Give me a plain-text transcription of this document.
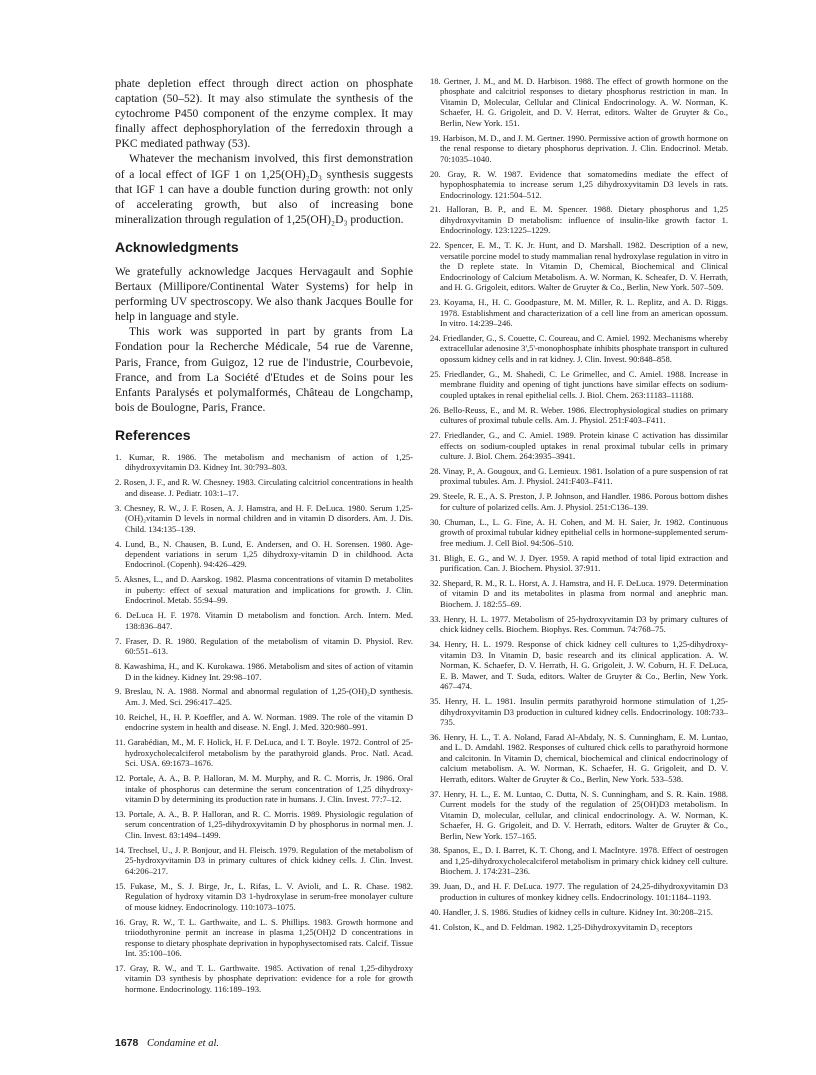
phate depletion effect through direct action on phosphate captation (50–52). It may also stimulate the synthesis of the cytochrome P450 component of the enzyme complex. It may finally affect dephosphorylation of the ferredoxin through a PKC mediated pathway (53).

Whatever the mechanism involved, this first demonstration of a local effect of IGF 1 on 1,25(OH)₂D₃ synthesis suggests that IGF 1 can have a double function during growth: not only of accelerating growth, but also of increasing bone mineralization through regulation of 1,25(OH)₂D₃ production.

Acknowledgments

We gratefully acknowledge Jacques Hervagault and Sophie Bertaux (Millipore/Continental Water Systems) for help in performing UV spectroscopy. We also thank Jacques Boulle for help in language and style.

This work was supported in part by grants from La Fondation pour la Recherche Médicale, 54 rue de Varenne, Paris, France, from Guigoz, 12 rue de l'industrie, Courbevoie, France, and from La Société d'Etudes et de Soins pour les Enfants Paralysés et polymalformés, Château de Longchamp, bois de Boulogne, Paris, France.

References
1. Kumar, R. 1986. The metabolism and mechanism of action of 1,25-dihydroxyvitamin D3. Kidney Int. 30:793–803.
2. Rosen, J. F., and R. W. Chesney. 1983. Circulating calcitriol concentrations in health and disease. J. Pediatr. 103:1–17.
3. Chesney, R. W., J. F. Rosen, A. J. Hamstra, and H. F. DeLuca. 1980. Serum 1,25-(OH)₂vitamin D levels in normal children and in vitamin D disorders. Am. J. Dis. Child. 134:135–139.
4. Lund, B., N. Chausen, B. Lund, E. Andersen, and O. H. Sorensen. 1980. Age-dependent variations in serum 1,25 dihydroxy-vitamin D in childhood. Acta Endocrinol. (Copenh). 94:426–429.
5. Aksnes, L., and D. Aarskog. 1982. Plasma concentrations of vitamin D metabolites in puberty: effect of sexual maturation and implications for growth. J. Clin. Endocrinol. Metab. 55:94–99.
6. DeLuca H. F. 1978. Vitamin D metabolism and fonction. Arch. Intern. Med. 138:836–847.
7. Fraser, D. R. 1980. Regulation of the metabolism of vitamin D. Physiol. Rev. 60:551–613.
8. Kawashima, H., and K. Kurokawa. 1986. Metabolism and sites of action of vitamin D in the kidney. Kidney Int. 29:98–107.
9. Breslau, N. A. 1988. Normal and abnormal regulation of 1,25-(OH)₂D synthesis. Am. J. Med. Sci. 296:417–425.
10. Reichel, H., H. P. Koeffler, and A. W. Norman. 1989. The role of the vitamin D endocrine system in health and disease. N. Engl. J. Med. 320:980–991.
11. Garabédian, M., M. F. Holick, H. F. DeLuca, and I. T. Boyle. 1972. Control of 25-hydroxycholecalciferol metabolism by the parathyroid glands. Proc. Natl. Acad. Sci. USA. 69:1673–1676.
12. Portale, A. A., B. P. Halloran, M. M. Murphy, and R. C. Morris, Jr. 1986. Oral intake of phosphorus can determine the serum concentration of 1,25 dihydroxy-vitamin D by determining its production rate in humans. J. Clin. Invest. 77:7–12.
13. Portale, A. A., B. P. Halloran, and R. C. Morris. 1989. Physiologic regulation of serum concentration of 1,25-dihydroxyvitamin D by phosphorus in normal men. J. Clin. Invest. 83:1494–1499.
14. Trechsel, U., J. P. Bonjour, and H. Fleisch. 1979. Regulation of the metabolism of 25-hydroxyvitamin D3 in primary cultures of chick kidney cells. J. Clin. Invest. 64:206–217.
15. Fukase, M., S. J. Birge, Jr., L. Rifas, L. V. Avioli, and L. R. Chase. 1982. Regulation of hydroxy vitamin D3 1-hydroxylase in serum-free monolayer culture of mouse kidney. Endocrinology. 110:1073–1075.
16. Gray, R. W., T. L. Garthwaite, and L. S. Phillips. 1983. Growth hormone and triiodothyronine permit an increase in plasma 1,25(OH)2 D concentrations in response to dietary phosphate deprivation in hypophysectomised rats. Calcif. Tissue Int. 35:100–106.
17. Gray, R. W., and T. L. Garthwaite. 1985. Activation of renal 1,25-dihydroxy vitamin D3 synthesis by phosphate deprivation: evidence for a role for growth hormone. Endocrinology. 116:189–193.
18. Gertner, J. M., and M. D. Harbison. 1988. The effect of growth hormone on the phosphate and calcitriol responses to dietary phosphorus restriction in man. In Vitamin D, Molecular, Cellular and Clinical Endocrinology. A. W. Norman, K. Schaefer, H. G. Grigoleit, and D. V. Herrat, editors. Walter de Gruyter & Co., Berlin, New York. 151.
19. Harbison, M. D., and J. M. Gertner. 1990. Permissive action of growth hormone on the renal response to dietary phosphorus deprivation. J. Clin. Endocrinol. Metab. 70:1035–1040.
20. Gray, R. W. 1987. Evidence that somatomedins mediate the effect of hypophosphatemia to increase serum 1,25 dihydroxyvitamin D3 levels in rats. Endocrinology. 121:504–512.
21. Halloran, B. P., and E. M. Spencer. 1988. Dietary phosphorus and 1,25 dihydroxyvitamin D metabolism: influence of insulin-like growth factor 1. Endocrinology. 123:1225–1229.
22. Spencer, E. M., T. K. Jr. Hunt, and D. Marshall. 1982. Description of a new, versatile porcine model to study mammalian renal hydroxylase regulation in vitro in the D replete state. In Vitamin D, Chemical, Biochemical and Clinical Endocrinology of Calcium Metabolism. A. W. Norman, K. Scheafer, D. V. Herrath, and H. G. Grigoleit, editors. Walter de Gruyter & Co., Berlin, New York. 507–509.
23. Koyama, H., H. C. Goodpasture, M. M. Miller, R. L. Replitz, and A. D. Riggs. 1978. Establishment and characterization of a cell line from an american opossum. In vitro. 14:239–246.
24. Friedlander, G., S. Couette, C. Coureau, and C. Amiel. 1992. Mechanisms whereby extracellular adenosine 3',5'-monophosphate inhibits phosphate transport in cultured opossum kidney cells and in rat kidney. J. Clin. Invest. 90:848–858.
25. Friedlander, G., M. Shahedi, C. Le Grimellec, and C. Amiel. 1988. Increase in membrane fluidity and opening of tight junctions have similar effects on sodium-coupled uptakes in renal epithelial cells. J. Biol. Chem. 263:11183–11188.
26. Bello-Reuss, E., and M. R. Weber. 1986. Electrophysiological studies on primary cultures of proximal tubule cells. Am. J. Physiol. 251:F403–F411.
27. Friedlander, G., and C. Amiel. 1989. Protein kinase C activation has dissimilar effects on sodium-coupled uptakes in renal proximal tubular cells in primary culture. J. Biol. Chem. 264:3935–3941.
28. Vinay, P., A. Gougoux, and G. Lemieux. 1981. Isolation of a pure suspension of rat proximal tubules. Am. J. Physiol. 241:F403–F411.
29. Steele, R. E., A. S. Preston, J. P. Johnson, and Handler. 1986. Porous bottom dishes for culture of polarized cells. Am. J. Physiol. 251:C136–139.
30. Chuman, L., L. G. Fine, A. H. Cohen, and M. H. Saier, Jr. 1982. Continuous growth of proximal tubular kidney epithelial cells in hormone-supplemented serum-free medium. J. Cell Biol. 94:506–510.
31. Bligh, E. G., and W. J. Dyer. 1959. A rapid method of total lipid extraction and purification. Can. J. Biochem. Physiol. 37:911.
32. Shepard, R. M., R. L. Horst, A. J. Hamstra, and H. F. DeLuca. 1979. Determination of vitamin D and its metabolites in plasma from normal and anephric man. Biochem. J. 182:55–69.
33. Henry, H. L. 1977. Metabolism of 25-hydroxyvitamin D3 by primary cultures of chick kidney cells. Biochem. Biophys. Res. Commun. 74:768–75.
34. Henry, H. L. 1979. Response of chick kidney cell cultures to 1,25-dihydroxy-vitamin D3. In Vitamin D, basic research and its clinical application. A. W. Norman, K. Schaefer, D. V. Herrath, H. G. Grigoleit, J. W. Coburn, H. F. DeLuca, E. B. Mawer, and T. Suda, editors. Walter de Gruyter & Co., Berlin, New York. 467–474.
35. Henry, H. L. 1981. Insulin permits parathyroid hormone stimulation of 1,25-dihydroxyvitamin D3 production in cultured kidney cells. Endocrinology. 108:733–735.
36. Henry, H. L., T. A. Noland, Farad Al-Abdaly, N. S. Cunningham, E. M. Luntao, and L. D. Amdahl. 1982. Responses of cultured chick cells to parathyroid hormone and calcitonin. In Vitamin D, chemical, biochemical and clinical endocrinology of calcium metabolism. A. W. Norman, K. Schaefer, H. G. Grigoleit, and D. V. Herrath, editors. Walter de Gruyter & Co., Berlin, New York. 533–538.
37. Henry, H. L., E. M. Luntao, C. Dutta, N. S. Cunningham, and S. R. Kain. 1988. Current models for the study of the regulation of 25(OH)D3 metabolism. In Vitamin D, molecular, cellular, and clinical endocrinology. A. W. Norman, K. Schaefer, H. G. Grigoleit, and D. V. Herrath, editors. Walter de Gruyter & Co., Berlin, New York. 157–165.
38. Spanos, E., D. I. Barret, K. T. Chong, and I. MacIntyre. 1978. Effect of oestrogen and 1,25-dihydroxycholecalciferol metabolism in primary chick kidney cell culture. Biochem. J. 174:231–236.
39. Juan, D., and H. F. DeLuca. 1977. The regulation of 24,25-dihydroxyvitamin D3 production in cultures of monkey kidney cells. Endocrinology. 101:1184–1193.
40. Handler, J. S. 1986. Studies of kidney cells in culture. Kidney Int. 30:208–215.
41. Colston, K., and D. Feldman. 1982. 1,25-Dihydroxyvitamin D₃ receptors
1678 Condamine et al.
